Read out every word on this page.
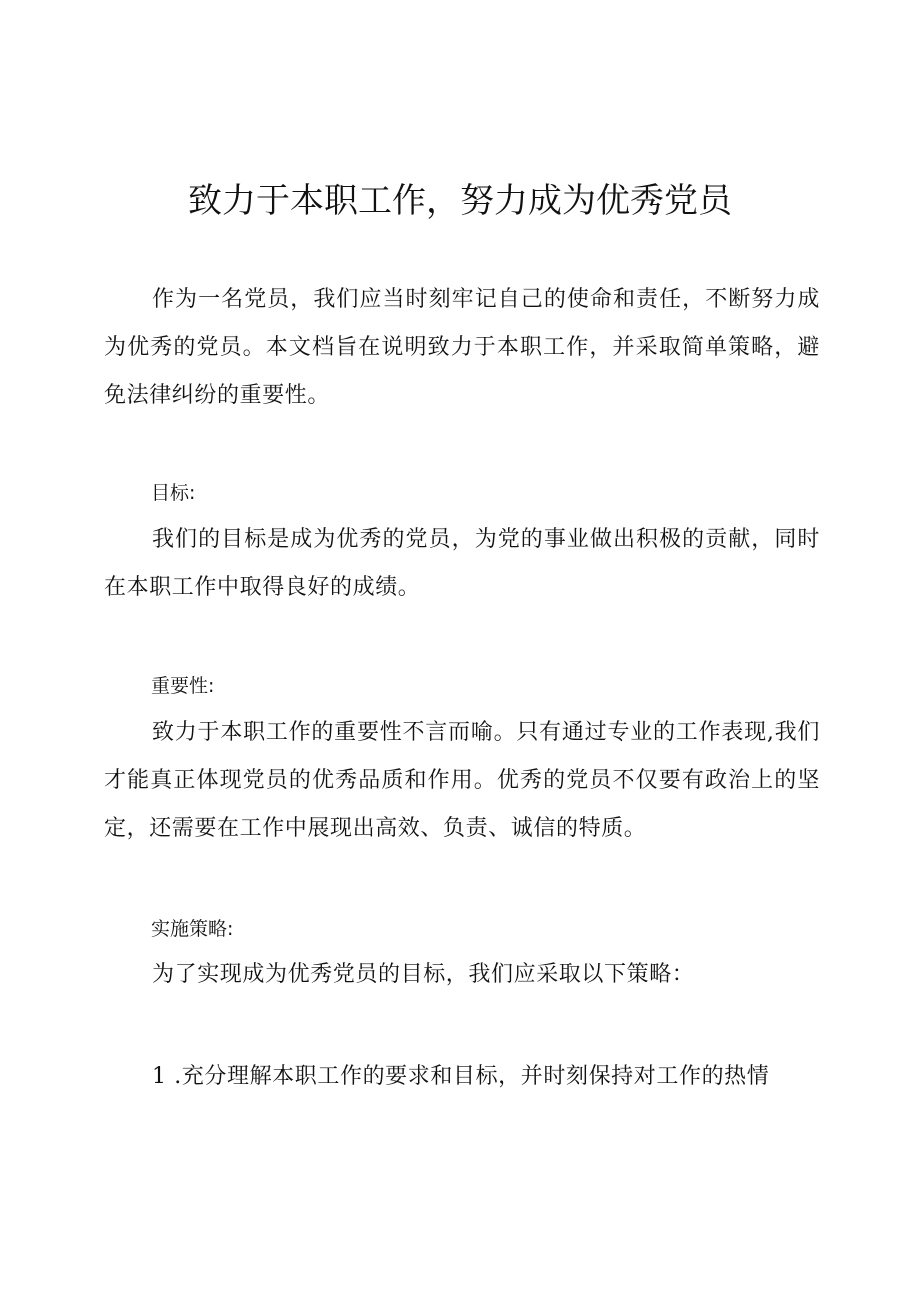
致力于本职工作，努力成为优秀党员

作为一名党员，我们应当时刻牢记自己的使命和责任，不断努力成为优秀的党员。本文档旨在说明致力于本职工作，并采取简单策略，避免法律纠纷的重要性。

目标:

我们的目标是成为优秀的党员，为党的事业做出积极的贡献，同时在本职工作中取得良好的成绩。

重要性:

致力于本职工作的重要性不言而喻。只有通过专业的工作表现,我们才能真正体现党员的优秀品质和作用。优秀的党员不仅要有政治上的坚定，还需要在工作中展现出高效、负责、诚信的特质。

实施策略:

为了实现成为优秀党员的目标，我们应采取以下策略：

1 .充分理解本职工作的要求和目标，并时刻保持对工作的热情
